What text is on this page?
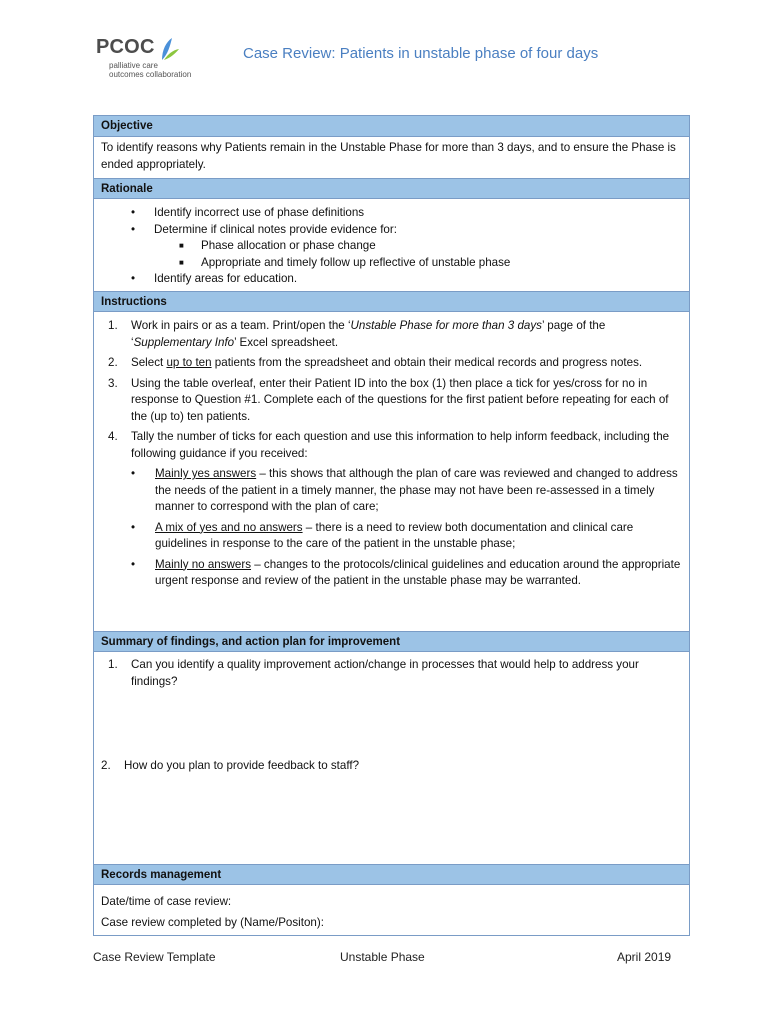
PCOC
palliative care
outcomes collaboration
Case Review: Patients in unstable phase of four days
Objective
To identify reasons why Patients remain in the Unstable Phase for more than 3 days, and to ensure the Phase is ended appropriately.
Rationale
• Identify incorrect use of phase definitions
• Determine if clinical notes provide evidence for:
■ Phase allocation or phase change
■ Appropriate and timely follow up reflective of unstable phase
• Identify areas for education.
Instructions
1. Work in pairs or as a team. Print/open the ‘Unstable Phase for more than 3 days’ page of the ‘Supplementary Info’ Excel spreadsheet.
2. Select up to ten patients from the spreadsheet and obtain their medical records and progress notes.
3. Using the table overleaf, enter their Patient ID into the box (1) then place a tick for yes/cross for no in response to Question #1. Complete each of the questions for the first patient before repeating for each of the (up to) ten patients.
4. Tally the number of ticks for each question and use this information to help inform feedback, including the following guidance if you received:
• Mainly yes answers – this shows that although the plan of care was reviewed and changed to address the needs of the patient in a timely manner, the phase may not have been re-assessed in a timely manner to correspond with the plan of care;
• A mix of yes and no answers – there is a need to review both documentation and clinical care guidelines in response to the care of the patient in the unstable phase;
• Mainly no answers – changes to the protocols/clinical guidelines and education around the appropriate urgent response and review of the patient in the unstable phase may be warranted.
Summary of findings, and action plan for improvement
1. Can you identify a quality improvement action/change in processes that would help to address your findings?
2. How do you plan to provide feedback to staff?
Records management
Date/time of case review:
Case review completed by (Name/Positon):
Case Review Template	Unstable Phase	April 2019
